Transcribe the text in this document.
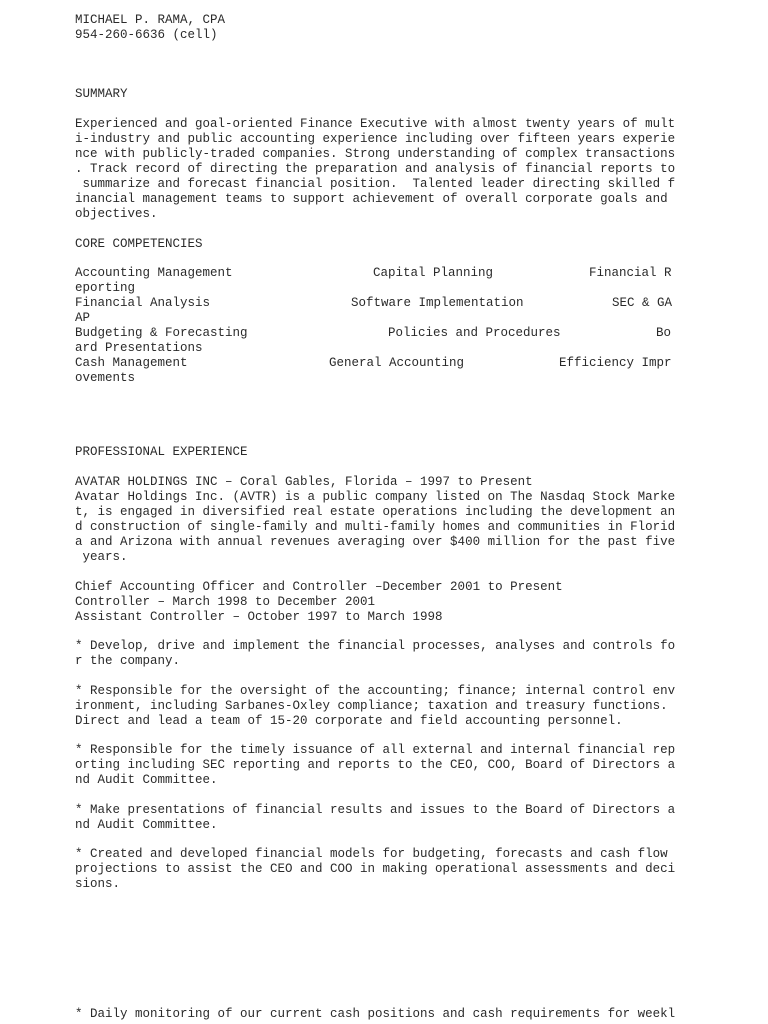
MICHAEL P. RAMA, CPA

954-260-6636 (cell)

SUMMARY

Experienced and goal-oriented Finance Executive with almost twenty years of mult

i-industry and public accounting experience including over fifteen years experie

nce with publicly-traded companies. Strong understanding of complex transactions

. Track record of directing the preparation and analysis of financial reports to

summarize and forecast financial position.  Talented leader directing skilled f

inancial management teams to support achievement of overall corporate goals and

objectives.

CORE COMPETENCIES

Accounting Management	Capital Planning	Financial R

eporting

Financial Analysis	Software Implementation	SEC & GA

AP

Budgeting & Forecasting	Policies and Procedures	Bo

ard Presentations

Cash Management	General Accounting	Efficiency Impr

ovements

PROFESSIONAL EXPERIENCE

AVATAR HOLDINGS INC – Coral Gables, Florida – 1997 to Present

Avatar Holdings Inc. (AVTR) is a public company listed on The Nasdaq Stock Marke

t, is engaged in diversified real estate operations including the development an

d construction of single-family and multi-family homes and communities in Florid

a and Arizona with annual revenues averaging over $400 million for the past five

years.

Chief Accounting Officer and Controller –December 2001 to Present

Controller – March 1998 to December 2001

Assistant Controller – October 1997 to March 1998

* Develop, drive and implement the financial processes, analyses and controls fo

r the company.

* Responsible for the oversight of the accounting; finance; internal control env

ironment, including Sarbanes-Oxley compliance; taxation and treasury functions.

Direct and lead a team of 15-20 corporate and field accounting personnel.

* Responsible for the timely issuance of all external and internal financial rep

orting including SEC reporting and reports to the CEO, COO, Board of Directors a

nd Audit Committee.

* Make presentations of financial results and issues to the Board of Directors a

nd Audit Committee.

* Created and developed financial models for budgeting, forecasts and cash flow

projections to assist the CEO and COO in making operational assessments and deci

sions.

* Daily monitoring of our current cash positions and cash requirements for weekl
